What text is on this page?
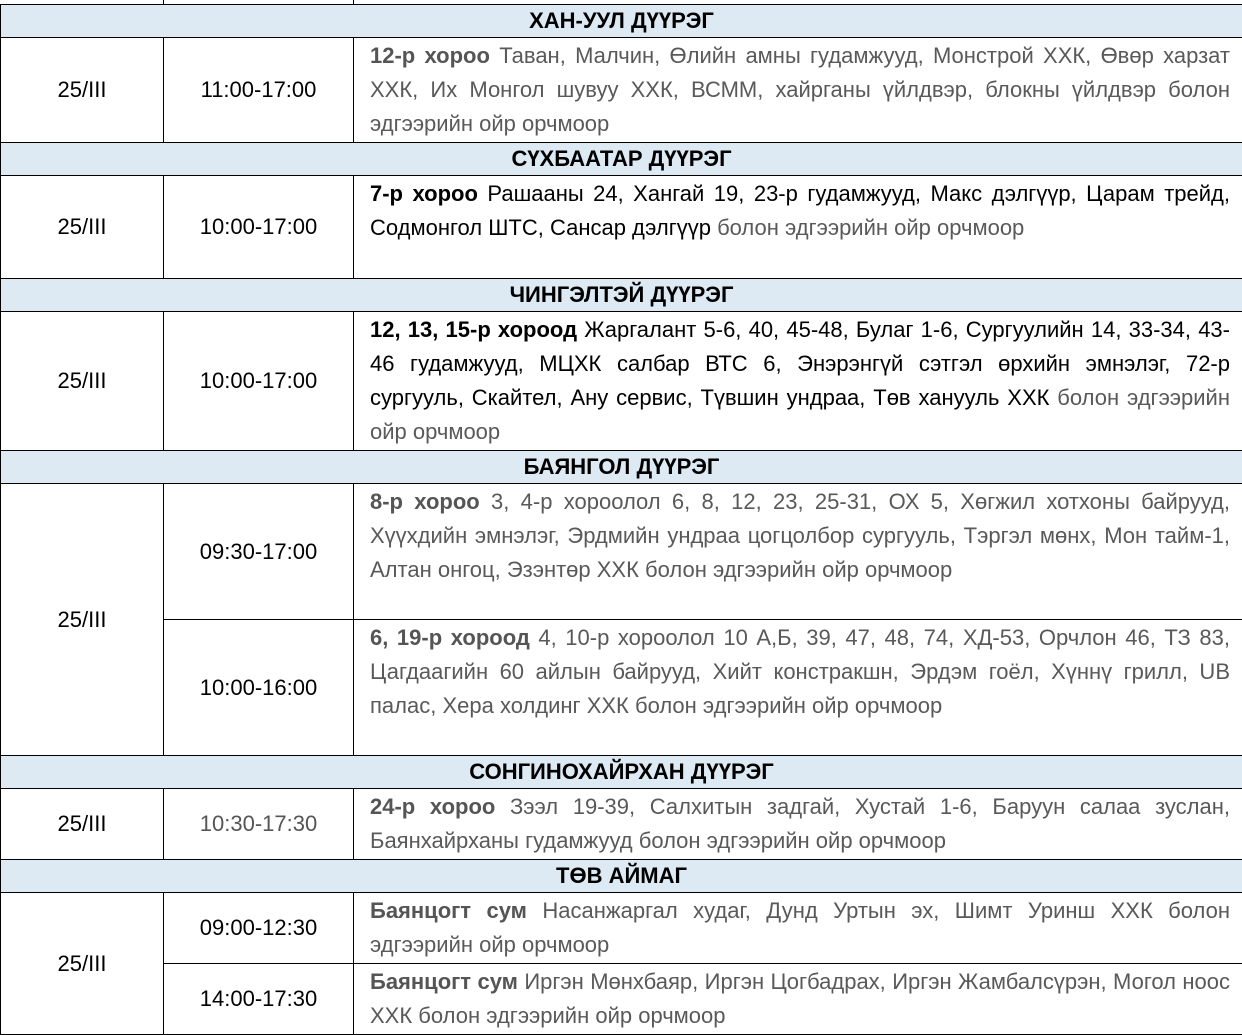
ХАН-УУЛ ДҮҮРЭГ		
25/III	11:00-17:00	12-р хороо Таван, Малчин, Өлийн амны гудамжууд, Монстрой ХХК, Өвөр харзат ХХК, Их Монгол шувуу ХХК, ВСММ, хайрганы үйлдвэр, блокны үйлдвэр болон эдгээрийн ойр орчмоор
СҮХБААТАР ДҮҮРЭГ		
25/III	10:00-17:00	7-р хороо Рашааны 24, Хангай 19, 23-р гудамжууд, Макс дэлгүүр, Царам трейд, Содмонгол ШТС, Сансар дэлгүүр болон эдгээрийн ойр орчмоор
ЧИНГЭЛТЭЙ ДҮҮРЭГ		
25/III	10:00-17:00	12, 13, 15-р хороод Жаргалант 5-6, 40, 45-48, Булаг 1-6, Сургуулийн 14, 33-34, 43-46 гудамжууд, МЦХК салбар ВТС 6, Энэрэнгүй сэтгэл өрхийн эмнэлэг, 72-р сургууль, Скайтел, Ану сервис, Түвшин ундраа, Төв ханууль ХХК болон эдгээрийн ойр орчмоор
БАЯНГОЛ ДҮҮРЭГ		
25/III	09:30-17:00	8-р хороо 3, 4-р хороолол 6, 8, 12, 23, 25-31, ОХ 5, Хөгжил хотхоны байрууд, Хүүхдийн эмнэлэг, Эрдмийн ундраа цогцолбор сургууль, Тэргэл мөнх, Мон тайм-1, Алтан онгоц, Эзэнтөр ХХК болон эдгээрийн ойр орчмоор
	10:00-16:00	6, 19-р хороод 4, 10-р хороолол 10 А,Б, 39, 47, 48, 74, ХД-53, Орчлон 46, ТЗ 83, Цагдаагийн 60 айлын байрууд, Хийт констракшн, Эрдэм гоёл, Хүннү грилл, UB палас, Хера холдинг ХХК болон эдгээрийн ойр орчмоор
СОНГИНОХАЙРХАН ДҮҮРЭГ		
25/III	10:30-17:30	24-р хороо Зээл 19-39, Салхитын задгай, Хустай 1-6, Баруун салаа зуслан, Баянхайрханы гудамжууд болон эдгээрийн ойр орчмоор
ТӨВ АЙМАГ		
25/III	09:00-12:30	Баянцогт сум Насанжаргал худаг, Дунд Уртын эх, Шимт Уринш ХХК болон эдгээрийн ойр орчмоор
	14:00-17:30	Баянцогт сум Иргэн Мөнхбаяр, Иргэн Цогбадрах, Иргэн Жамбалсүрэн, Могол ноос ХХК болон эдгээрийн ойр орчмоор
